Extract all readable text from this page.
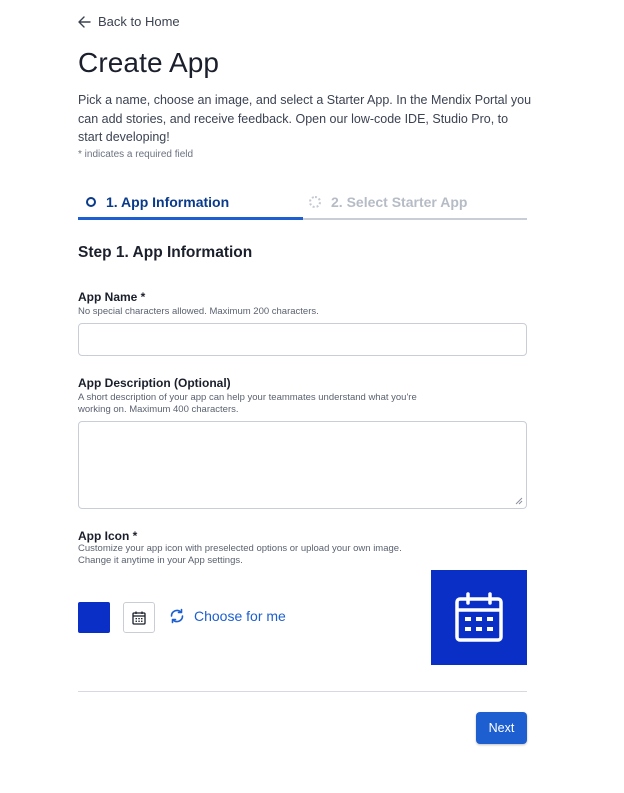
Back to Home
Create App
Pick a name, choose an image, and select a Starter App. In the Mendix Portal you can add stories, and receive feedback. Open our low-code IDE, Studio Pro, to start developing!
* indicates a required field
1. App Information	2. Select Starter App
Step 1. App Information
App Name *
No special characters allowed. Maximum 200 characters.
App Description (Optional)
A short description of your app can help your teammates understand what you're
working on. Maximum 400 characters.
App Icon *
Customize your app icon with preselected options or upload your own image.
Change it anytime in your App settings.
Choose for me
Next
